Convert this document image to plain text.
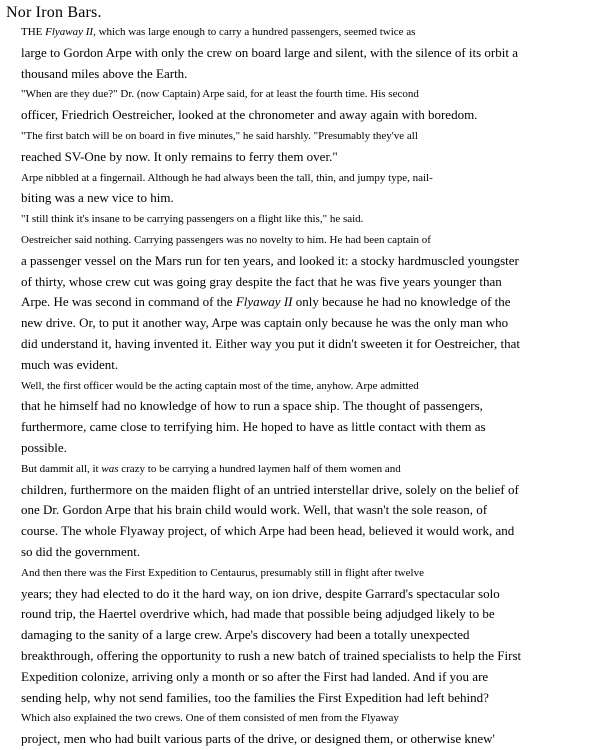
Nor Iron Bars.

THE Flyaway II, which was large enough to carry a hundred passengers, seemed twice as
large to Gordon Arpe with only the crew on board large and silent, with the silence of its orbit a
thousand miles above the Earth.

"When are they due?" Dr. (now Captain) Arpe said, for at least the fourth time. His second
officer, Friedrich Oestreicher, looked at the chronometer and away again with boredom.

"The first batch will be on board in five minutes," he said harshly. "Presumably they've all
reached SV-One by now. It only remains to ferry them over."

Arpe nibbled at a fingernail. Although he had always been the tall, thin, and jumpy type, nail-
biting was a new vice to him.

"I still think it's insane to be carrying passengers on a flight like this," he said.

Oestreicher said nothing. Carrying passengers was no novelty to him. He had been captain of
a passenger vessel on the Mars run for ten years, and looked it: a stocky hardmuscled youngster
of thirty, whose crew cut was going gray despite the fact that he was five years younger than
Arpe. He was second in command of the Flyaway II only because he had no knowledge of the
new drive. Or, to put it another way, Arpe was captain only because he was the only man who
did understand it, having invented it. Either way you put it didn't sweeten it for Oestreicher, that
much was evident.

Well, the first officer would be the acting captain most of the time, anyhow. Arpe admitted
that he himself had no knowledge of how to run a space ship. The thought of passengers,
furthermore, came close to terrifying him. He hoped to have as little contact with them as
possible.

But dammit all, it was crazy to be carrying a hundred laymen half of them women and
children, furthermore on the maiden flight of an untried interstellar drive, solely on the belief of
one Dr. Gordon Arpe that his brain child would work. Well, that wasn't the sole reason, of
course. The whole Flyaway project, of which Arpe had been head, believed it would work, and
so did the government.

And then there was the First Expedition to Centaurus, presumably still in flight after twelve
years; they had elected to do it the hard way, on ion drive, despite Garrard's spectacular solo
round trip, the Haertel overdrive which, had made that possible being adjudged likely to be
damaging to the sanity of a large crew. Arpe's discovery had been a totally unexpected
breakthrough, offering the opportunity to rush a new batch of trained specialists to help the First
Expedition colonize, arriving only a month or so after the First had landed. And if you are
sending help, why not send families, too the families the First Expedition had left behind?

Which also explained the two crews. One of them consisted of men from the Flyaway
project, men who had built various parts of the drive, or designed them, or otherwise knew'
